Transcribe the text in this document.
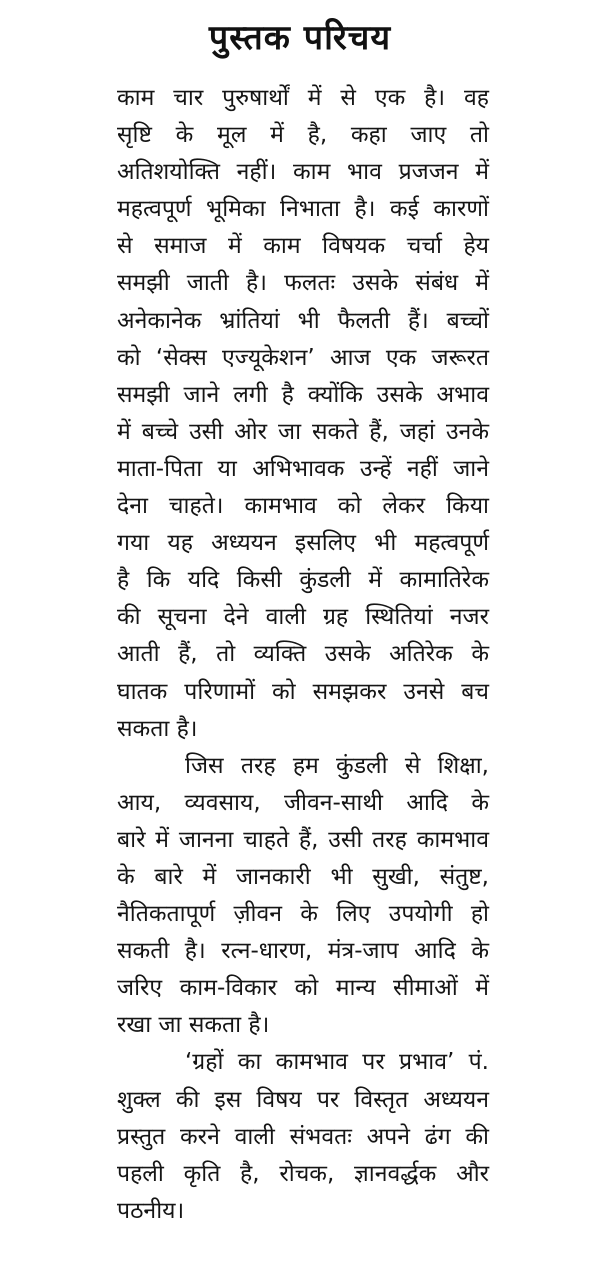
पुस्तक परिचय
काम चार पुरुषार्थों में से एक है। वह
सृष्टि के मूल में है, कहा जाए तो
अतिशयोक्ति नहीं। काम भाव प्रजजन में
महत्वपूर्ण भूमिका निभाता है। कई कारणों
से समाज में काम विषयक चर्चा हेय
समझी जाती है। फलतः उसके संबंध में
अनेकानेक भ्रांतियां भी फैलती हैं। बच्चों
को ‘सेक्स एज्यूकेशन’ आज एक जरूरत
समझी जाने लगी है क्योंकि उसके अभाव
में बच्चे उसी ओर जा सकते हैं, जहां उनके
माता-पिता या अभिभावक उन्हें नहीं जाने
देना चाहते। कामभाव को लेकर किया
गया यह अध्ययन इसलिए भी महत्वपूर्ण
है कि यदि किसी कुंडली में कामातिरेक
की सूचना देने वाली ग्रह स्थितियां नजर
आती हैं, तो व्यक्ति उसके अतिरेक के
घातक परिणामों को समझकर उनसे बच
सकता है।
जिस तरह हम कुंडली से शिक्षा,
आय, व्यवसाय, जीवन-साथी आदि के
बारे में जानना चाहते हैं, उसी तरह कामभाव
के बारे में जानकारी भी सुखी, संतुष्ट,
नैतिकतापूर्ण ज़ीवन के लिए उपयोगी हो
सकती है। रत्न-धारण, मंत्र-जाप आदि के
जरिए काम-विकार को मान्य सीमाओं में
रखा जा सकता है।
‘ग्रहों का कामभाव पर प्रभाव’ पं.
शुक्ल की इस विषय पर विस्तृत अध्ययन
प्रस्तुत करने वाली संभवतः अपने ढंग की
पहली कृति है, रोचक, ज्ञानवर्द्धक और
पठनीय।
